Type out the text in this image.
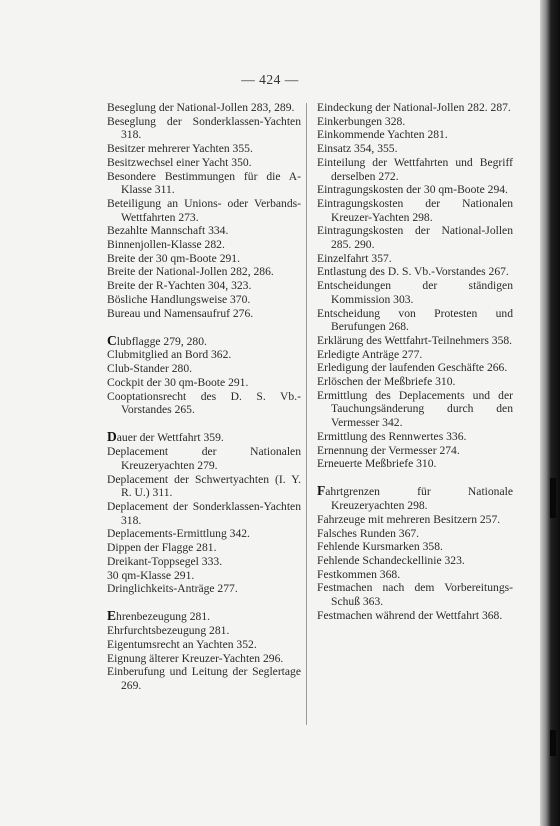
— 424 —

Beseglung der National-Jollen 283, 289.

Beseglung der Sonderklassen-Yachten 318.

Besitzer mehrerer Yachten 355.

Besitzwechsel einer Yacht 350.

Besondere Bestimmungen für die A-Klasse 311.

Beteiligung an Unions- oder Verbands-Wettfahrten 273.

Bezahlte Mannschaft 334.

Binnenjollen-Klasse 282.

Breite der 30 qm-Boote 291.

Breite der National-Jollen 282, 286.

Breite der R-Yachten 304, 323.

Bösliche Handlungsweise 370.

Bureau und Namensaufruf 276.

Clubflagge 279, 280.

Clubmitglied an Bord 362.

Club-Stander 280.

Cockpit der 30 qm-Boote 291.

Cooptationsrecht des D. S. Vb.-Vorstandes 265.

Dauer der Wettfahrt 359.

Deplacement der Nationalen Kreuzeryachten 279.

Deplacement der Schwertyachten (I. Y. R. U.) 311.

Deplacement der Sonderklassen-Yachten 318.

Deplacements-Ermittlung 342.

Dippen der Flagge 281.

Dreikant-Toppsegel 333.

30 qm-Klasse 291.

Dringlichkeits-Anträge 277.

Ehrenbezeugung 281.

Ehrfurchtsbezeugung 281.

Eigentumsrecht an Yachten 352.

Eignung älterer Kreuzer-Yachten 296.

Einberufung und Leitung der Seglertage 269.

Eindeckung der National-Jollen 282. 287.

Einkerbungen 328.

Einkommende Yachten 281.

Einsatz 354, 355.

Einteilung der Wettfahrten und Begriff derselben 272.

Eintragungskosten der 30 qm-Boote 294.

Eintragungskosten der Nationalen Kreuzer-Yachten 298.

Eintragungskosten der National-Jollen 285. 290.

Einzelfahrt 357.

Entlastung des D. S. Vb.-Vorstandes 267.

Entscheidungen der ständigen Kommission 303.

Entscheidung von Protesten und Berufungen 268.

Erklärung des Wettfahrt-Teilnehmers 358.

Erledigte Anträge 277.

Erledigung der laufenden Geschäfte 266.

Erlöschen der Meßbriefe 310.

Ermittlung des Deplacements und der Tauchungsänderung durch den Vermesser 342.

Ermittlung des Rennwertes 336.

Ernennung der Vermesser 274.

Erneuerte Meßbriefe 310.

Fahrtgrenzen für Nationale Kreuzeryachten 298.

Fahrzeuge mit mehreren Besitzern 257.

Falsches Runden 367.

Fehlende Kursmarken 358.

Fehlende Schandeckellinie 323.

Festkommen 368.

Festmachen nach dem Vorbereitungs-Schuß 363.

Festmachen während der Wettfahrt 368.
